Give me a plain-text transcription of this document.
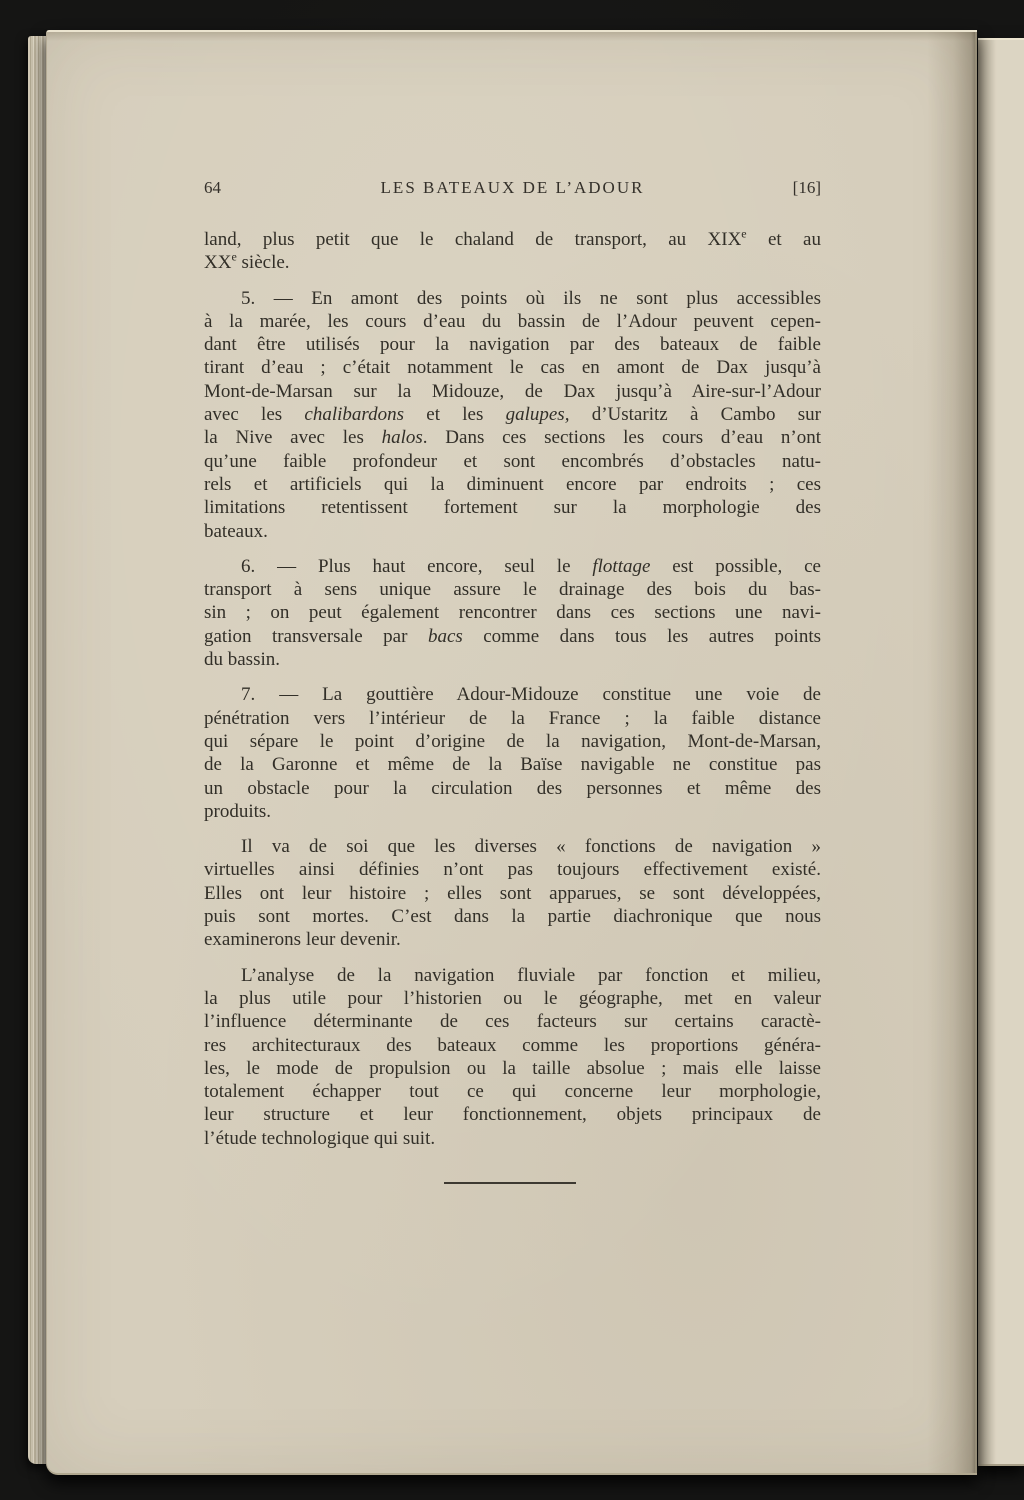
64	LES BATEAUX DE L’ADOUR	[16]
land, plus petit que le chaland de transport, au XIXe et au
XXe siècle.
5. — En amont des points où ils ne sont plus accessibles
à la marée, les cours d’eau du bassin de l’Adour peuvent cepen-
dant être utilisés pour la navigation par des bateaux de faible
tirant d’eau ; c’était notamment le cas en amont de Dax jusqu’à
Mont-de-Marsan sur la Midouze, de Dax jusqu’à Aire-sur-l’Adour
avec les chalibardons et les galupes, d’Ustaritz à Cambo sur
la Nive avec les halos. Dans ces sections les cours d’eau n’ont
qu’une faible profondeur et sont encombrés d’obstacles natu-
rels et artificiels qui la diminuent encore par endroits ; ces
limitations retentissent fortement sur la morphologie des
bateaux.
6. — Plus haut encore, seul le flottage est possible, ce
transport à sens unique assure le drainage des bois du bas-
sin ; on peut également rencontrer dans ces sections une navi-
gation transversale par bacs comme dans tous les autres points
du bassin.
7. — La gouttière Adour-Midouze constitue une voie de
pénétration vers l’intérieur de la France ; la faible distance
qui sépare le point d’origine de la navigation, Mont-de-Marsan,
de la Garonne et même de la Baïse navigable ne constitue pas
un obstacle pour la circulation des personnes et même des
produits.
Il va de soi que les diverses « fonctions de navigation »
virtuelles ainsi définies n’ont pas toujours effectivement existé.
Elles ont leur histoire ; elles sont apparues, se sont développées,
puis sont mortes. C’est dans la partie diachronique que nous
examinerons leur devenir.
L’analyse de la navigation fluviale par fonction et milieu,
la plus utile pour l’historien ou le géographe, met en valeur
l’influence déterminante de ces facteurs sur certains caractè-
res architecturaux des bateaux comme les proportions généra-
les, le mode de propulsion ou la taille absolue ; mais elle laisse
totalement échapper tout ce qui concerne leur morphologie,
leur structure et leur fonctionnement, objets principaux de
l’étude technologique qui suit.
